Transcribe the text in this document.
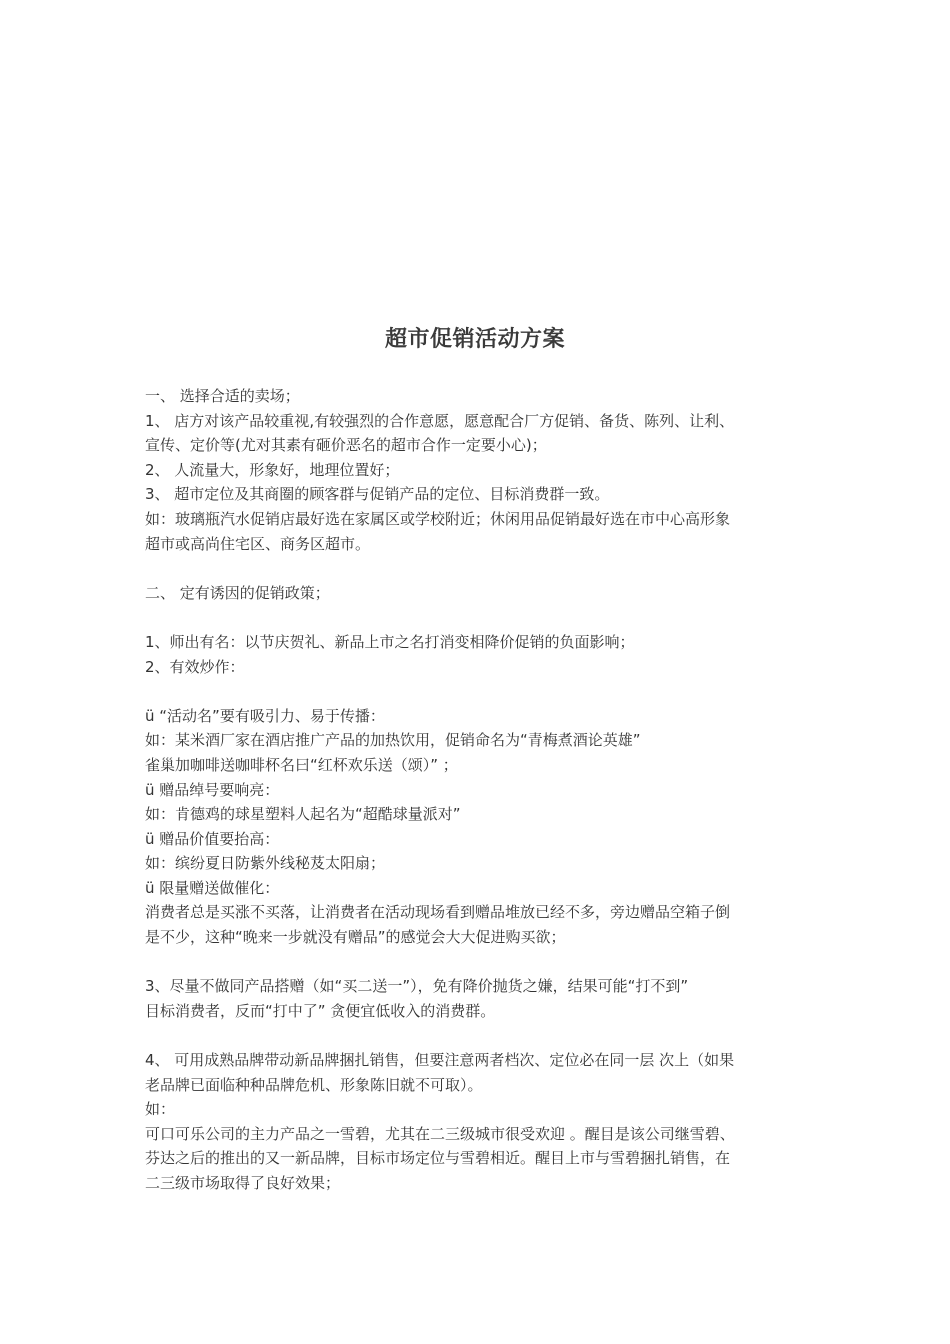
超市促销活动方案
一、 选择合适的卖场；
1、 店方对该产品较重视,有较强烈的合作意愿，愿意配合厂方促销、备货、陈列、让利、
宣传、定价等(尤对其素有砸价恶名的超市合作一定要小心)；
2、 人流量大，形象好，地理位置好；
3、 超市定位及其商圈的顾客群与促销产品的定位、目标消费群一致。
如：玻璃瓶汽水促销店最好选在家属区或学校附近；休闲用品促销最好选在市中心高形象
超市或高尚住宅区、商务区超市。
二、 定有诱因的促销政策；
1、师出有名：以节庆贺礼、新品上市之名打消变相降价促销的负面影响；
2、有效炒作：
ü “活动名”要有吸引力、易于传播：
如：某米酒厂家在酒店推广产品的加热饮用，促销命名为“青梅煮酒论英雄”
雀巢加咖啡送咖啡杯名曰“红杯欢乐送（颂）” ；
ü 赠品绰号要响亮：
如：肯德鸡的球星塑料人起名为“超酷球量派对”
ü 赠品价值要抬高：
如：缤纷夏日防紫外线秘芨太阳扇；
ü 限量赠送做催化：
消费者总是买涨不买落，让消费者在活动现场看到赠品堆放已经不多，旁边赠品空箱子倒
是不少，这种“晚来一步就没有赠品”的感觉会大大促进购买欲；
3、尽量不做同产品搭赠（如“买二送一”），免有降价抛货之嫌，结果可能“打不到”
目标消费者，反而“打中了” 贪便宜低收入的消费群。
4、 可用成熟品牌带动新品牌捆扎销售，但要注意两者档次、定位必在同一层 次上（如果
老品牌已面临种种品牌危机、形象陈旧就不可取）。
如：
可口可乐公司的主力产品之一雪碧，尤其在二三级城市很受欢迎 。醒目是该公司继雪碧、
芬达之后的推出的又一新品牌，目标市场定位与雪碧相近。醒目上市与雪碧捆扎销售，在
二三级市场取得了良好效果；
